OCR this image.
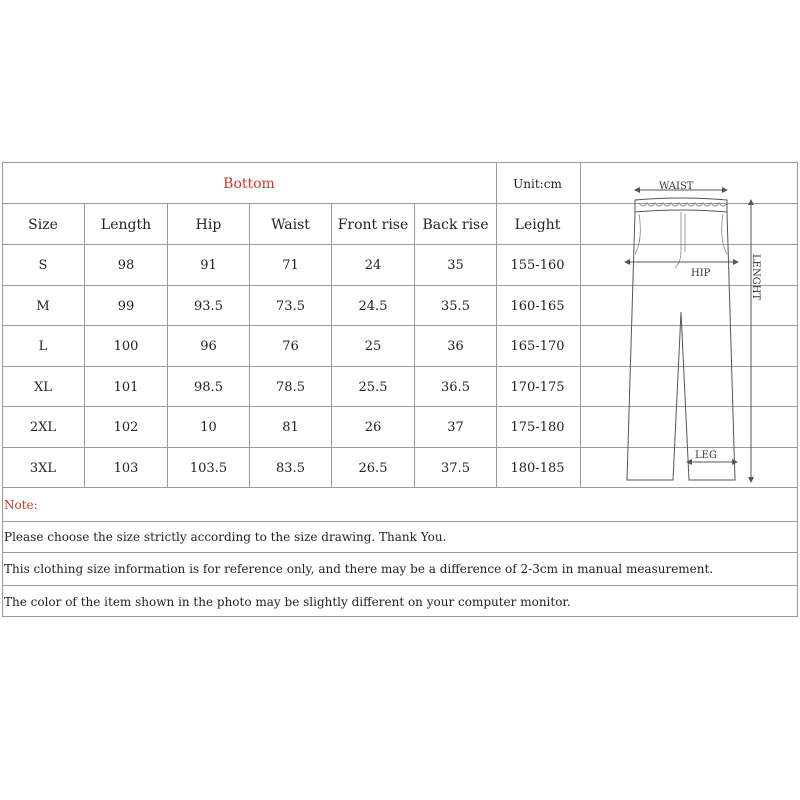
Bottom	Unit:cm
Size	Length	Hip	Waist	Front rise	Back rise	Leight
S	98	91	71	24	35	155-160
M	99	93.5	73.5	24.5	35.5	160-165
L	100	96	76	25	36	165-170
XL	101	98.5	78.5	25.5	36.5	170-175
2XL	102	10	81	26	37	175-180
3XL	103	103.5	83.5	26.5	37.5	180-185
WAIST
HIP	LENGHT
LEG
Note:
Please choose the size strictly according to the size drawing. Thank You.
This clothing size information is for reference only, and there may be a difference of 2-3cm in manual measurement.
The color of the item shown in the photo may be slightly different on your computer monitor.
